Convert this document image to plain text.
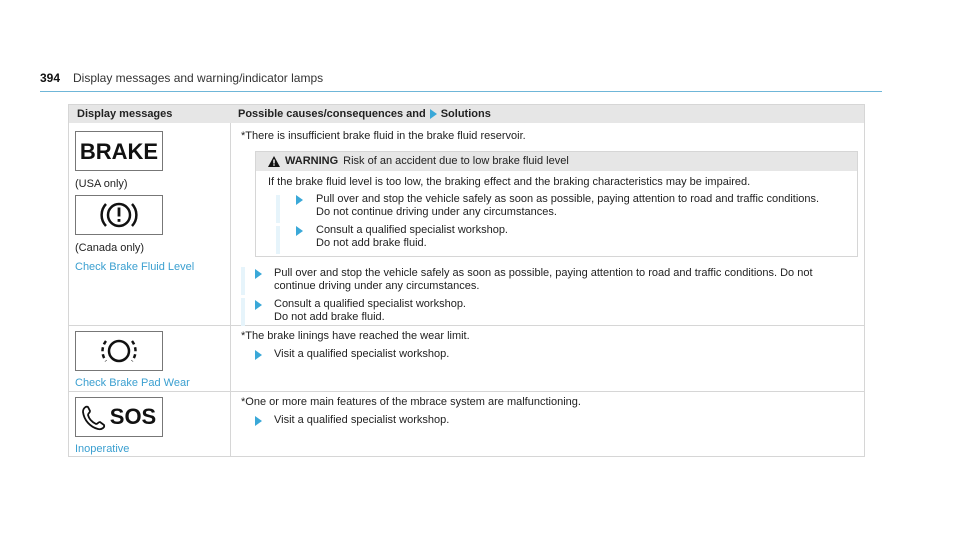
394 Display messages and warning/indicator lamps
Display messages	Possible causes/consequences and Solutions
BRAKE
(USA only)
(Canada only)
Check Brake Fluid Level
*There is insufficient brake fluid in the brake fluid reservoir.
WARNING Risk of an accident due to low brake fluid level
If the brake fluid level is too low, the braking effect and the braking characteristics may be impaired.
Pull over and stop the vehicle safely as soon as possible, paying attention to road and traffic conditions.
Do not continue driving under any circumstances.
Consult a qualified specialist workshop.
Do not add brake fluid.
Pull over and stop the vehicle safely as soon as possible, paying attention to road and traffic conditions. Do not
continue driving under any circumstances.
Consult a qualified specialist workshop.
Do not add brake fluid.
Check Brake Pad Wear
*The brake linings have reached the wear limit.
Visit a qualified specialist workshop.
SOS
Inoperative
*One or more main features of the mbrace system are malfunctioning.
Visit a qualified specialist workshop.
